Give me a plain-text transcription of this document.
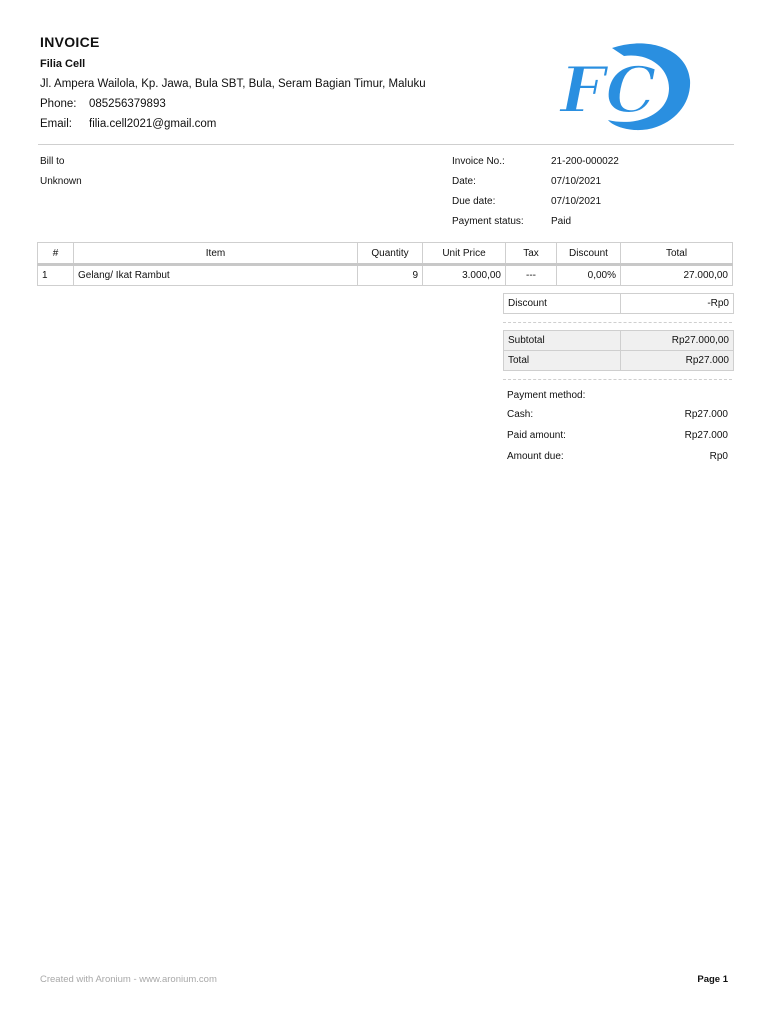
INVOICE
Filia Cell
Jl. Ampera Wailola, Kp. Jawa, Bula SBT, Bula, Seram Bagian Timur, Maluku
Phone: 085256379893
Email: filia.cell2021@gmail.com	FC
Bill to
Unknown
Invoice No.:	21-200-000022
Date:	07/10/2021
Due date:	07/10/2021
Payment status:	Paid
#	Item	Quantity	Unit Price	Tax	Discount	Total
1	Gelang/ Ikat Rambut	9	3.000,00	---	0,00%	27.000,00
Discount	-Rp0
Subtotal	Rp27.000,00
Total	Rp27.000
Payment method:
Cash:	Rp27.000
Paid amount:	Rp27.000
Amount due:	Rp0
Created with Aronium - www.aronium.com	Page 1
